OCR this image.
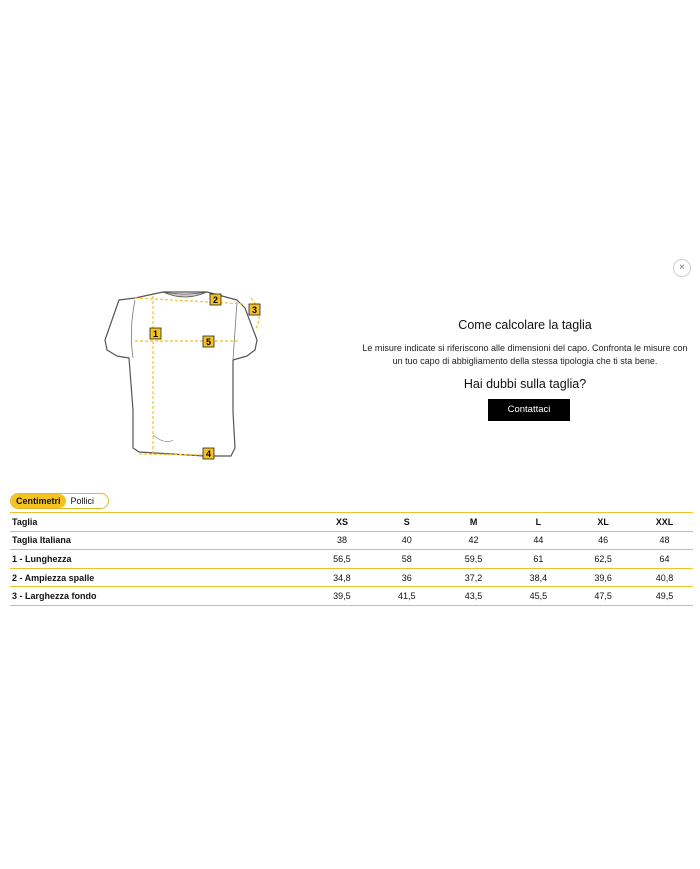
×
1
2
3
4
5
Come calcolare la taglia
Le misure indicate si riferiscono alle dimensioni del capo. Confronta le misure con un tuo capo di abbigliamento della stessa tipologia che ti sta bene.
Hai dubbi sulla taglia?
Contattaci
Centimetri	Pollici
Taglia	XS	S	M	L	XL	XXL
Taglia Italiana	38	40	42	44	46	48
1 - Lunghezza	56,5	58	59,5	61	62,5	64
2 - Ampiezza spalle	34,8	36	37,2	38,4	39,6	40,8
3 - Larghezza fondo	39,5	41,5	43,5	45,5	47,5	49,5
